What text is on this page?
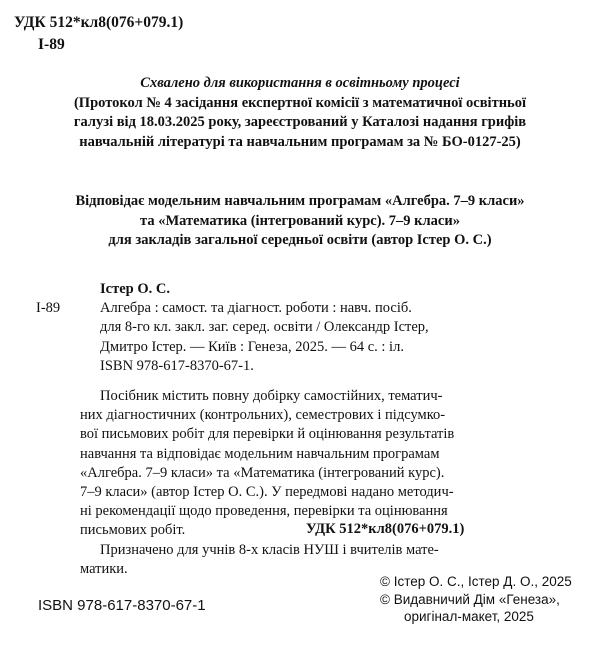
УДК 512*кл8(076+079.1)
І-89
Схвалено для використання в освітньому процесі
(Протокол № 4 засідання експертної комісії з математичної освітньої
галузі від 18.03.2025 року, зареєстрований у Каталозі надання грифів
навчальній літературі та навчальним програмам за № БО-0127-25)
Відповідає модельним навчальним програмам «Алгебра. 7–9 класи»
та «Математика (інтегрований курс). 7–9 класи»
для закладів загальної середньої освіти (автор Істер О. С.)
Істер О. С.
І-89	Алгебра : самост. та діагност. роботи : навч. посіб.
для 8-го кл. закл. заг. серед. освіти / Олександр Істер,
Дмитро Істер. — Київ : Генеза, 2025. — 64 с. : іл.
ISBN 978-617-8370-67-1.
Посібник містить повну добірку самостійних, тематич-
них діагностичних (контрольних), семестрових і підсумко-
вої письмових робіт для перевірки й оцінювання результатів
навчання та відповідає модельним навчальним програмам
«Алгебра. 7–9 класи» та «Математика (інтегрований курс).
7–9 класи» (автор Істер О. С.). У передмові надано методич-
ні рекомендації щодо проведення, перевірки та оцінювання
письмових робіт.
Призначено для учнів 8-х класів НУШ і вчителів мате-
матики.
УДК 512*кл8(076+079.1)
© Істер О. С., Істер Д. О., 2025
© Видавничий Дім «Генеза»,
оригінал-макет, 2025
ISBN 978-617-8370-67-1
